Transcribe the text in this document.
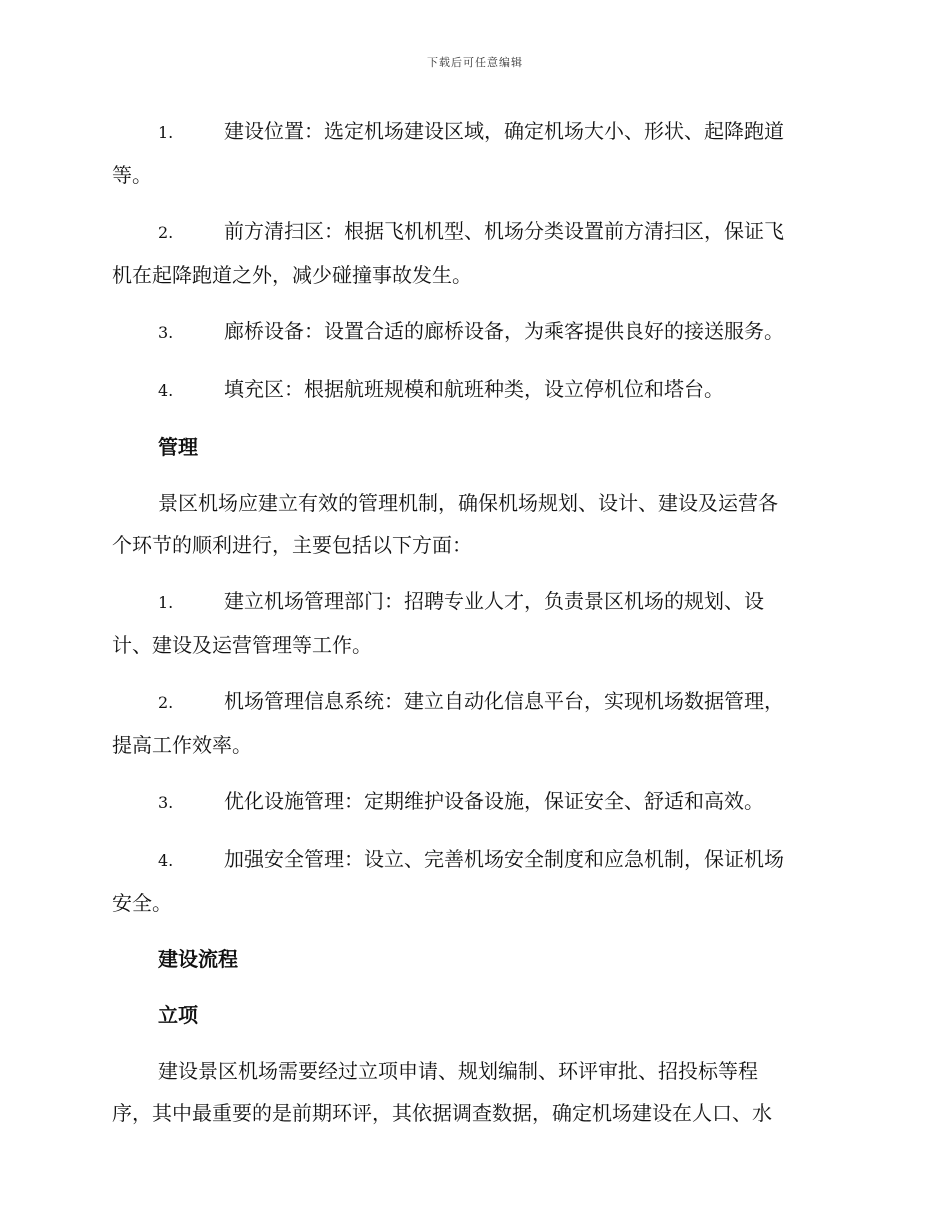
下载后可任意编辑
1.	建设位置：选定机场建设区域，确定机场大小、形状、起降跑道
等。
2.	前方清扫区：根据飞机机型、机场分类设置前方清扫区，保证飞
机在起降跑道之外，减少碰撞事故发生。
3.	廊桥设备：设置合适的廊桥设备，为乘客提供良好的接送服务。
4.	填充区：根据航班规模和航班种类，设立停机位和塔台。
管理
景区机场应建立有效的管理机制，确保机场规划、设计、建设及运营各
个环节的顺利进行，主要包括以下方面：
1.	建立机场管理部门：招聘专业人才，负责景区机场的规划、设
计、建设及运营管理等工作。
2.	机场管理信息系统：建立自动化信息平台，实现机场数据管理，
提高工作效率。
3.	优化设施管理：定期维护设备设施，保证安全、舒适和高效。
4.	加强安全管理：设立、完善机场安全制度和应急机制，保证机场
安全。
建设流程
立项
建设景区机场需要经过立项申请、规划编制、环评审批、招投标等程
序，其中最重要的是前期环评，其依据调查数据，确定机场建设在人口、水
